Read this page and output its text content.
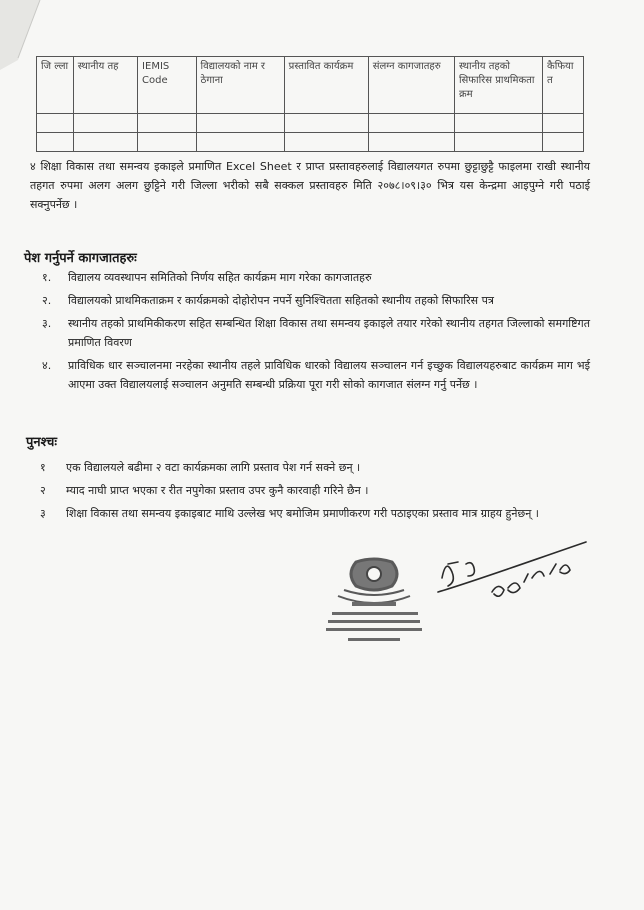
जि ल्ला	स्थानीय तह	IEMIS Code	विद्यालयको नाम र ठेगाना	प्रस्तावित कार्यक्रम	संलग्न कागजातहरु	स्थानीय तहको सिफारिस प्राथमिकता क्रम	कैफिया त

४ शिक्षा विकास तथा समन्वय इकाइले प्रमाणित Excel Sheet र प्राप्त प्रस्तावहरुलाई विद्यालयगत रुपमा छुट्टाछुट्टै फाइलमा राखी स्थानीय तहगत रुपमा अलग अलग छुट्टिने गरी जिल्ला भरीको सबै सक्कल प्रस्तावहरु मिति २०७८।०९।३० भित्र यस केन्द्रमा आइपुग्ने गरी पठाई सक्नुपर्नेछ ।
पेश गर्नुपर्ने कागजातहरुः
१. विद्यालय व्यवस्थापन समितिको निर्णय सहित कार्यक्रम माग गरेका कागजातहरु
२. विद्यालयको प्राथमिकताक्रम र कार्यक्रमको दोहोरोपन नपर्ने सुनिश्चितता सहितको स्थानीय तहको सिफारिस पत्र
३. स्थानीय तहको प्राथमिकीकरण सहित सम्बन्धित शिक्षा विकास तथा समन्वय इकाइले तयार गरेको स्थानीय तहगत जिल्लाको समगष्टिगत प्रमाणित विवरण
४. प्राविधिक धार सञ्चालनमा नरहेका स्थानीय तहले प्राविधिक धारको विद्यालय सञ्चालन गर्न इच्छुक विद्यालयहरुबाट कार्यक्रम माग भई आएमा उक्त विद्यालयलाई सञ्चालन अनुमति सम्बन्धी प्रक्रिया पूरा गरी सोको कागजात संलग्न गर्नु पर्नेछ ।
पुनश्चः
१ एक विद्यालयले बढीमा २ वटा कार्यक्रमका लागि प्रस्ताव पेश गर्न सक्ने छन् ।
२ म्याद नाघी प्राप्त भएका र रीत नपुगेका प्रस्ताव उपर कुनै कारवाही गरिने छैन ।
३ शिक्षा विकास तथा समन्वय इकाइबाट माथि उल्लेख भए बमोजिम प्रमाणीकरण गरी पठाइएका प्रस्ताव मात्र ग्राहय हुनेछन् ।
